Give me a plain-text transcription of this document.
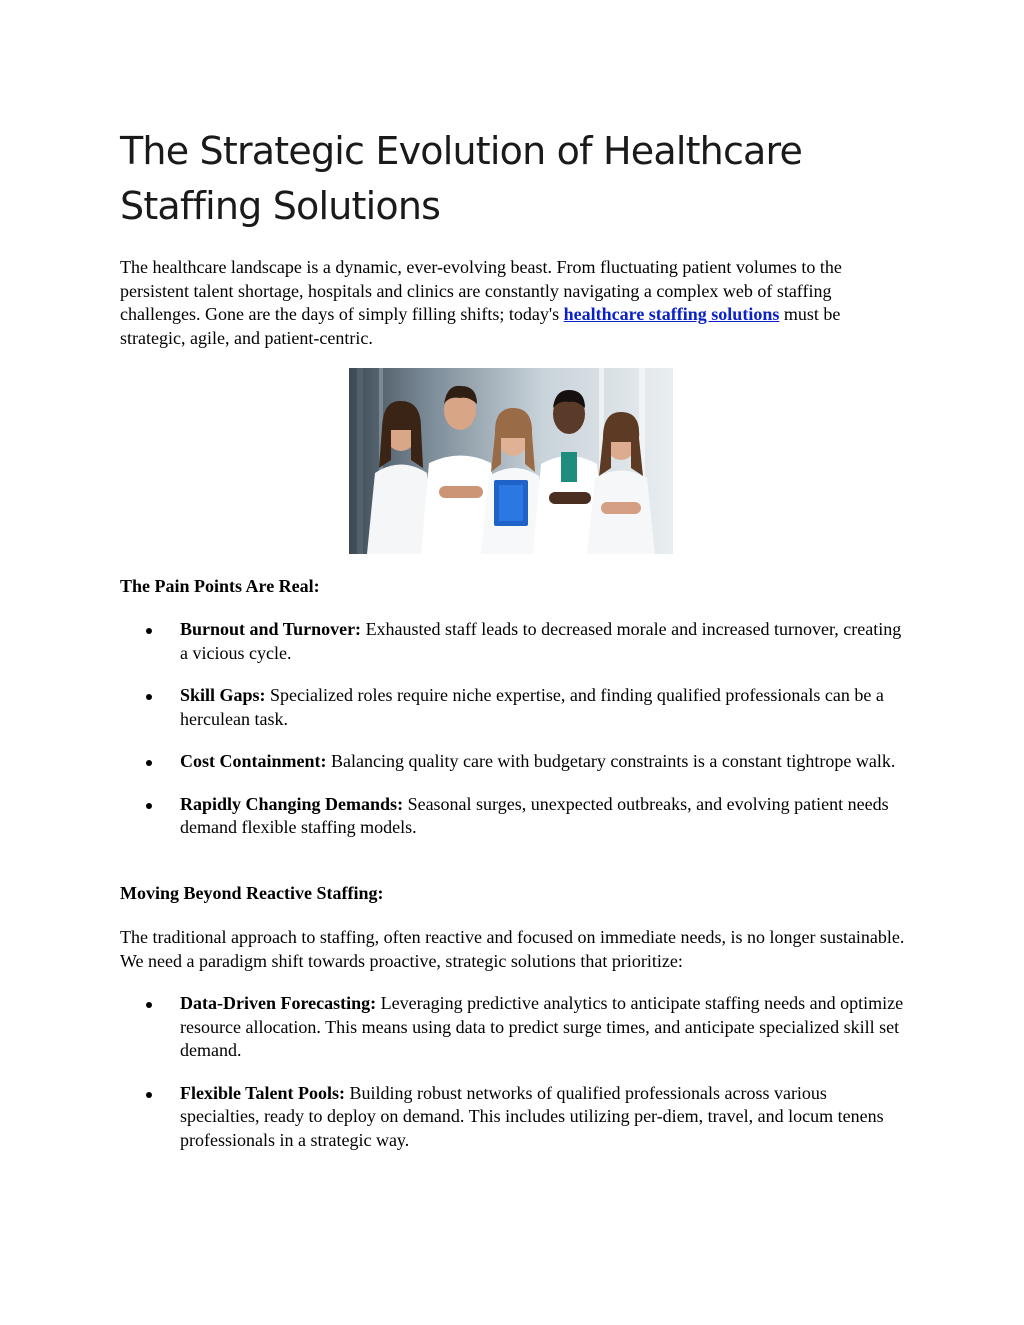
The Strategic Evolution of Healthcare
Staffing Solutions

The healthcare landscape is a dynamic, ever-evolving beast. From fluctuating patient volumes to the persistent talent shortage, hospitals and clinics are constantly navigating a complex web of staffing challenges. Gone are the days of simply filling shifts; today's healthcare staffing solutions must be strategic, agile, and patient-centric.

The Pain Points Are Real:
Burnout and Turnover: Exhausted staff leads to decreased morale and increased turnover, creating a vicious cycle.
Skill Gaps: Specialized roles require niche expertise, and finding qualified professionals can be a herculean task.
Cost Containment: Balancing quality care with budgetary constraints is a constant tightrope walk.
Rapidly Changing Demands: Seasonal surges, unexpected outbreaks, and evolving patient needs demand flexible staffing models.
Moving Beyond Reactive Staffing:

The traditional approach to staffing, often reactive and focused on immediate needs, is no longer sustainable. We need a paradigm shift towards proactive, strategic solutions that prioritize:

Data-Driven Forecasting: Leveraging predictive analytics to anticipate staffing needs and optimize resource allocation. This means using data to predict surge times, and anticipate specialized skill set demand.
Flexible Talent Pools: Building robust networks of qualified professionals across various specialties, ready to deploy on demand. This includes utilizing per-diem, travel, and locum tenens professionals in a strategic way.
